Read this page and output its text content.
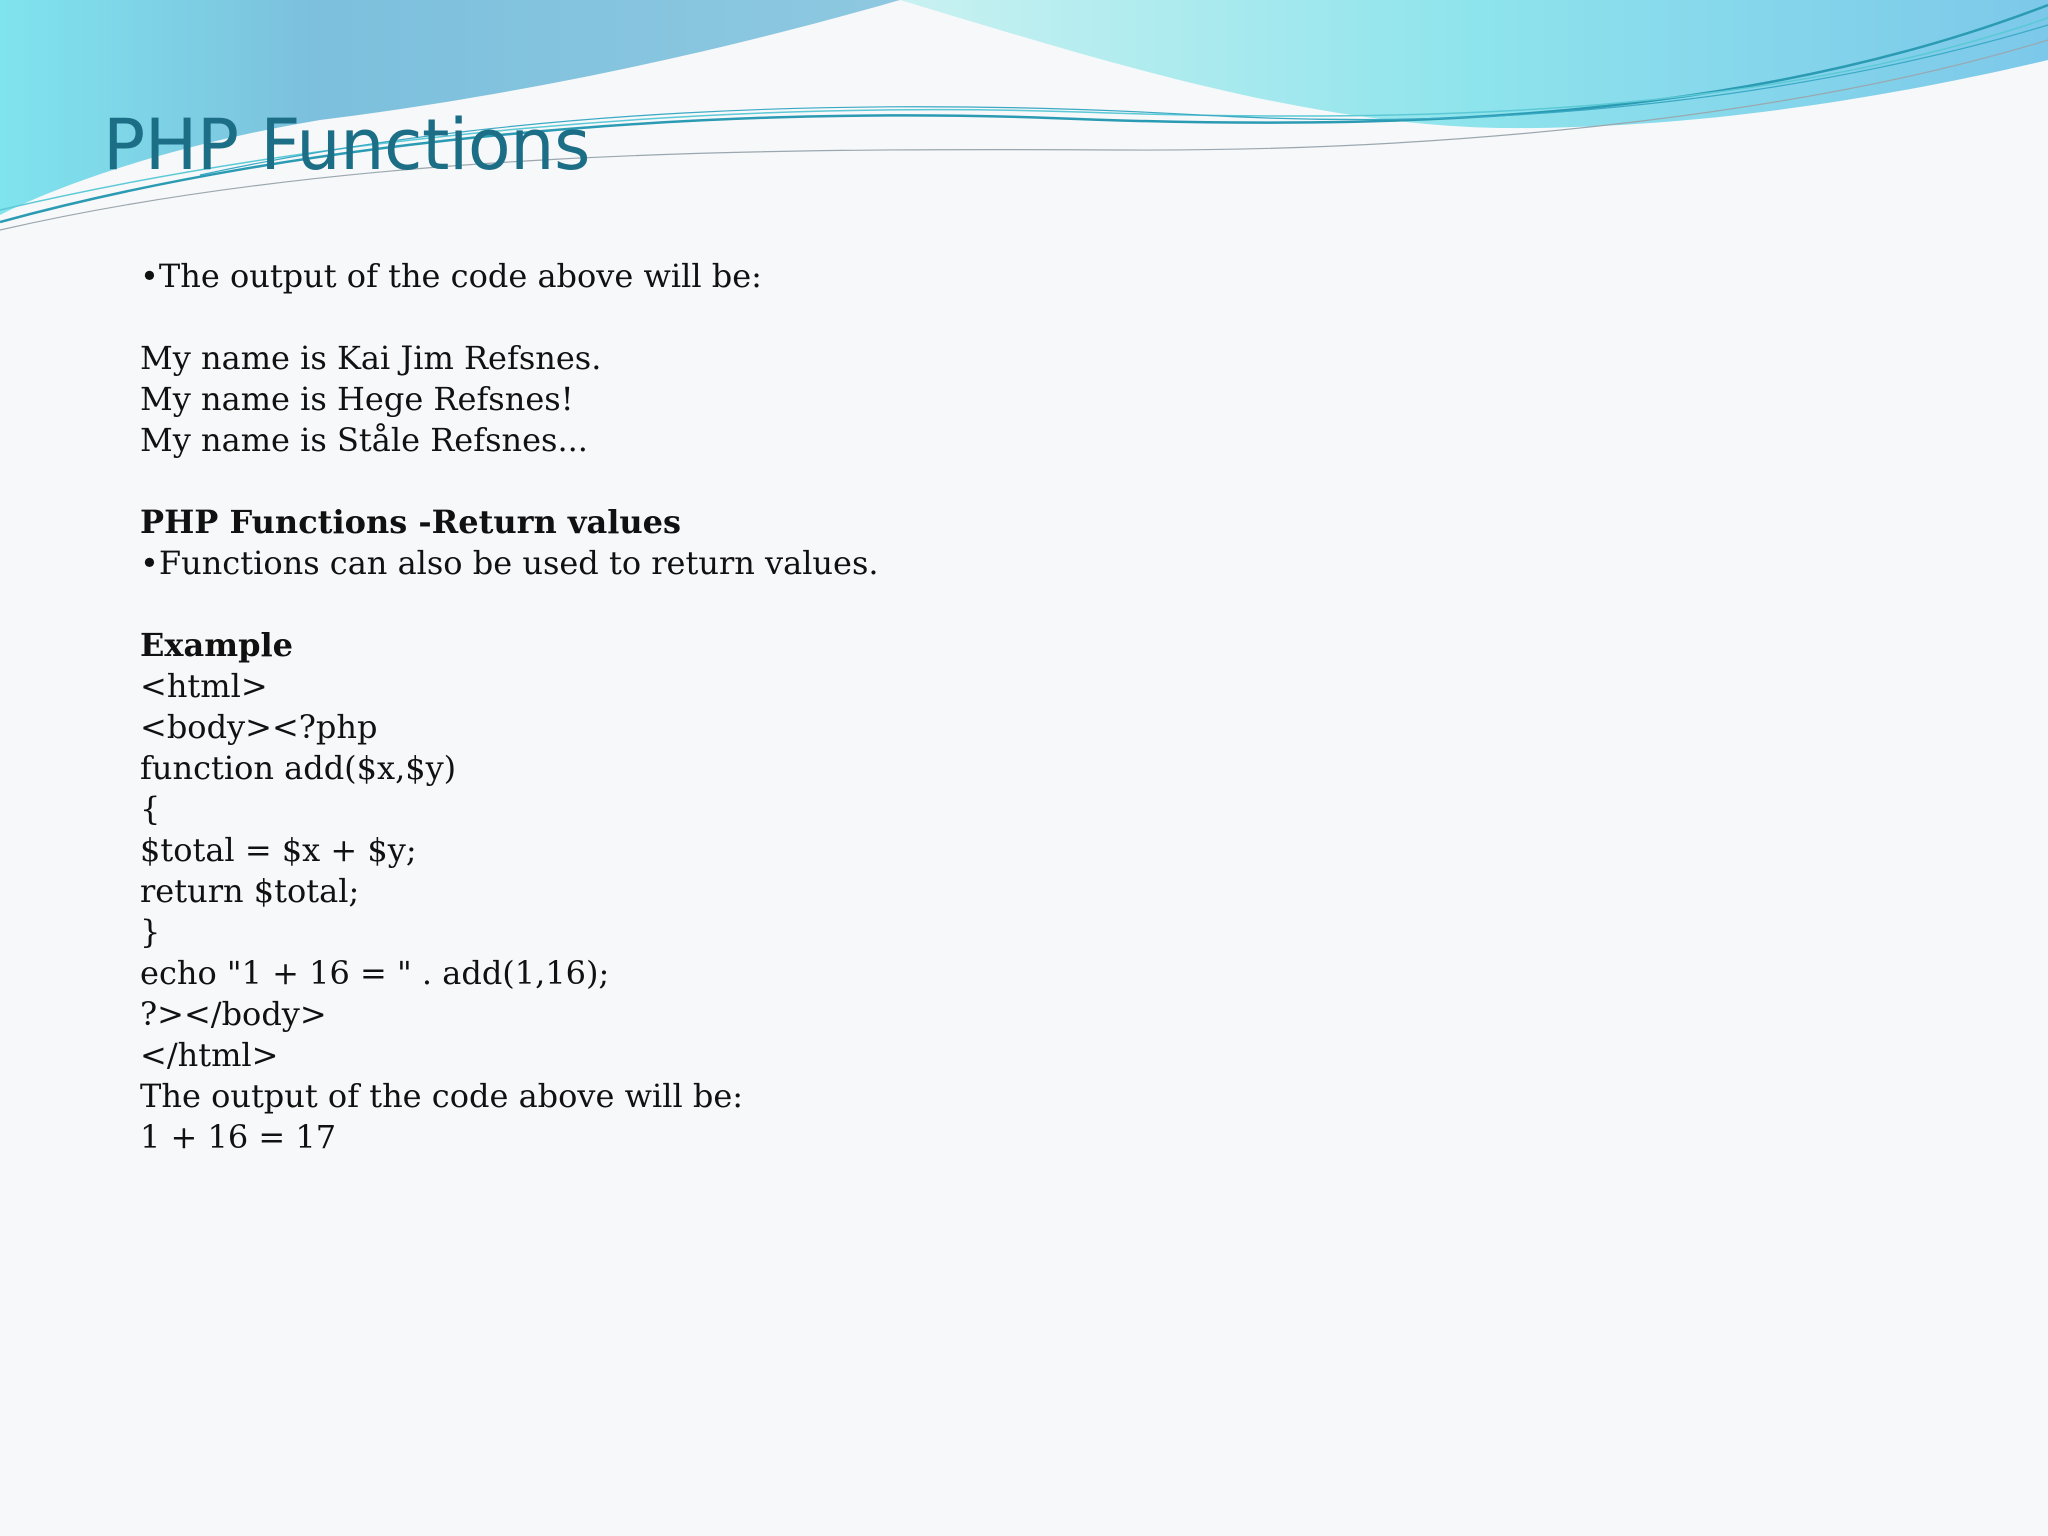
PHP Functions
•The output of the code above will be:
My name is Kai Jim Refsnes.
My name is Hege Refsnes!
My name is Ståle Refsnes...
PHP Functions -Return values
•Functions can also be used to return values.
Example
<html>
<body><?php
function add($x,$y)
{
$total = $x + $y;
return $total;
}
echo "1 + 16 = " . add(1,16);
?></body>
</html>
The output of the code above will be:
1 + 16 = 17
